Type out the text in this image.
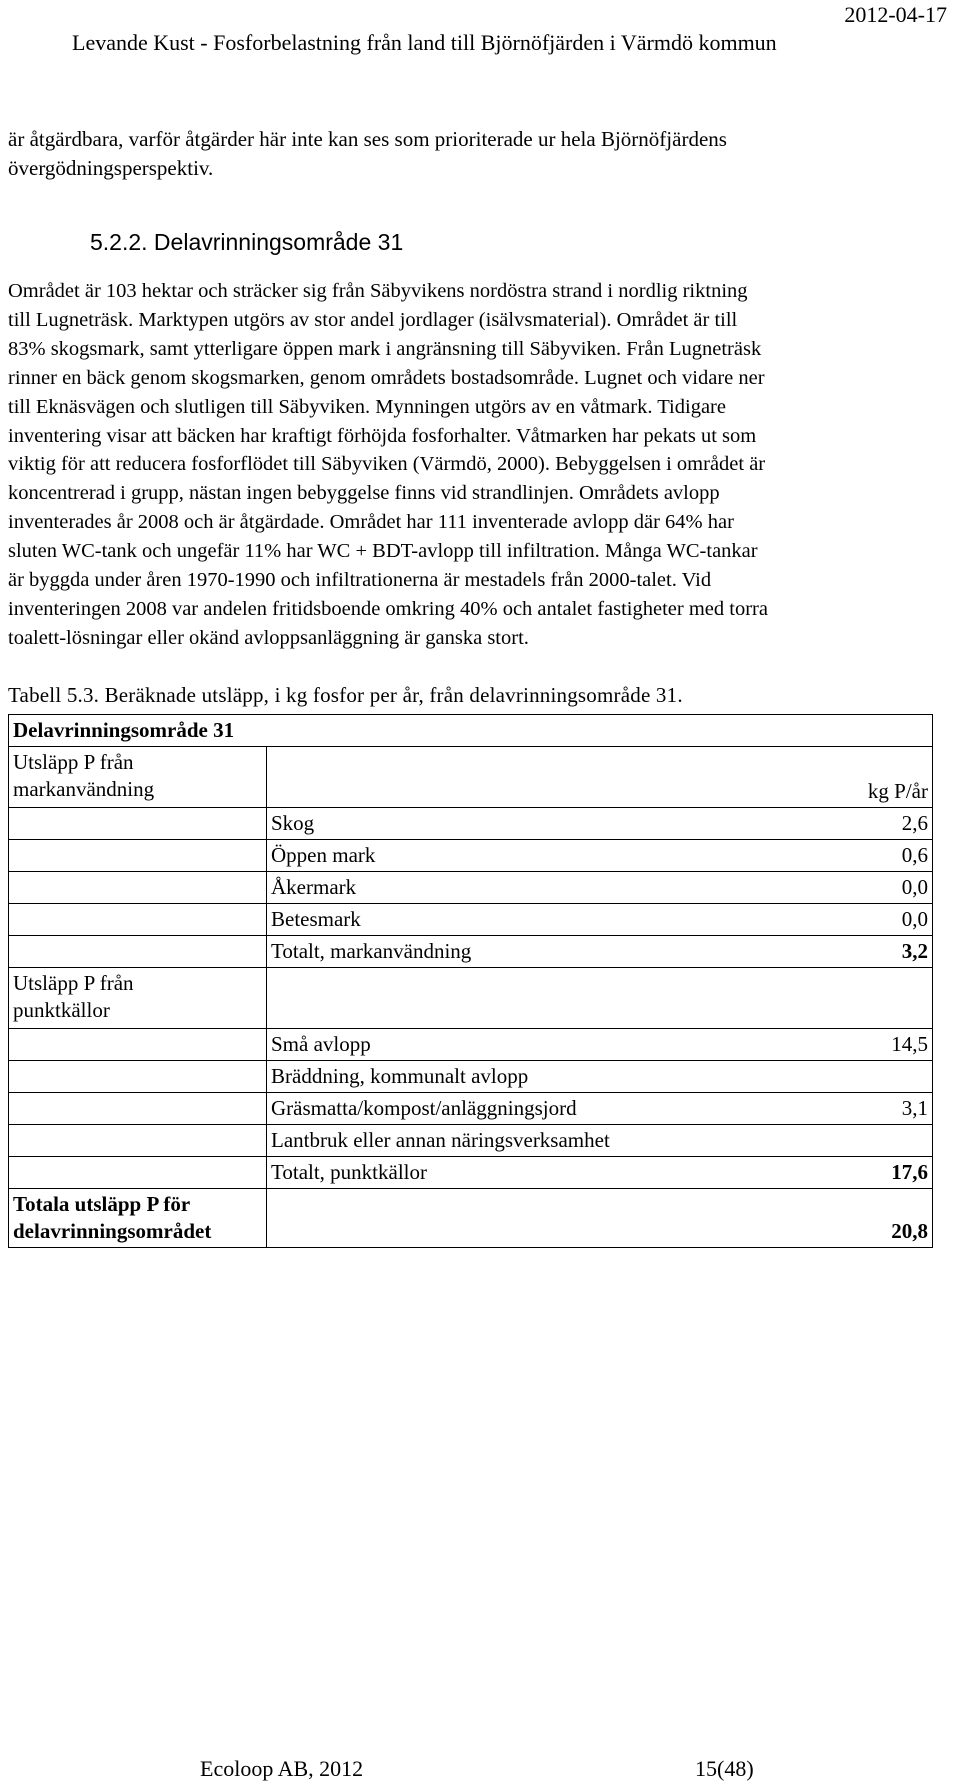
2012-04-17
Levande Kust - Fosforbelastning från land till Björnöfjärden i Värmdö kommun
är åtgärdbara, varför åtgärder här inte kan ses som prioriterade ur hela Björnöfjärdens
övergödningsperspektiv.
5.2.2. Delavrinningsområde 31
Området är 103 hektar och sträcker sig från Säbyvikens nordöstra strand i nordlig riktning
till Lugneträsk. Marktypen utgörs av stor andel jordlager (isälvsmaterial). Området är till
83% skogsmark, samt ytterligare öppen mark i angränsning till Säbyviken. Från Lugneträsk
rinner en bäck genom skogsmarken, genom områdets bostadsområde. Lugnet och vidare ner
till Eknäsvägen och slutligen till Säbyviken. Mynningen utgörs av en våtmark. Tidigare
inventering visar att bäcken har kraftigt förhöjda fosforhalter. Våtmarken har pekats ut som
viktig för att reducera fosforflödet till Säbyviken (Värmdö, 2000). Bebyggelsen i området är
koncentrerad i grupp, nästan ingen bebyggelse finns vid strandlinjen. Områdets avlopp
inventerades år 2008 och är åtgärdade. Området har 111 inventerade avlopp där 64% har
sluten WC-tank och ungefär 11% har WC + BDT-avlopp till infiltration. Många WC-tankar
är byggda under åren 1970-1990 och infiltrationerna är mestadels från 2000-talet. Vid
inventeringen 2008 var andelen fritidsboende omkring 40% och antalet fastigheter med torra
toalett-lösningar eller okänd avloppsanläggning är ganska stort.
Tabell 5.3. Beräknade utsläpp, i kg fosfor per år, från delavrinningsområde 31.
Delavrinningsområde 31	

Utsläpp P från
markanvändning	kg P/år
	Skog 2,6

	Öppen mark 0,6

	Åkermark 0,0

	Betesmark 0,0

	Totalt, markanvändning 3,2

Utsläpp P från
punktkällor	

	Små avlopp 14,5

	Bräddning, kommunalt avlopp

	Gräsmatta/kompost/anläggningsjord 3,1

	Lantbruk eller annan näringsverksamhet

	Totalt, punktkällor 17,6

Totala utsläpp P för
delavrinningsområdet	20,8
Ecoloop AB, 2012	15(48)
